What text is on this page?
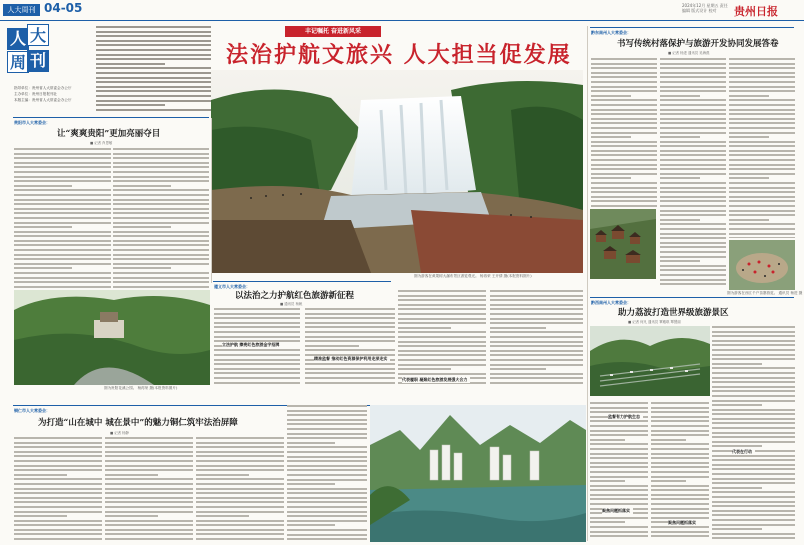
人大周刊 04-05	2024年12月 星期五 责任编辑 版式设计 校对	贵州日报
人 大
周 刊
指导单位：贵州省人大常委会办公厅
主办单位：贵州日报报刊社
本版主编：贵州省人大常委会办公厅
丰记嘱托 奋进新风采
法治护航文旅兴 人大担当促发展
图为游客在黄果树大瀑布景区游览观光。 杨再荣 王开倩 摄(本报资料图片)
贵阳市人大常委会：
让“爽爽贵阳”更加亮丽夺目
■ 记者 肖思敏
图为贵阳花溪公园。 杨再荣 摄(本报资料图片)
遵义市人大常委会：
以法治之力护航红色旅游新征程
■ 通讯员 杨帆
立法护航 擦亮红色旅游金字招牌
精准监督 推动红色资源保护利用走深走实
代表履职 凝聚红色旅游发展强大合力
黔东南州人大常委会：
书写传统村落保护与旅游开发协同发展答卷
■ 记者 杨进 通讯员 吴海燕
图为游客在西江千户苗寨游览。 通讯员 杨进 摄
黔西南州人大常委会：
助力荔波打造世界级旅游景区
■ 记者 何凡 通讯员 覃雅琪 覃慧丽
监督有力护航生态
代表在行动
聚焦问题抓落实
聚焦问题抓落实
铜仁市人大常委会：
为打造“山在城中 城在景中”的魅力铜仁筑牢法治屏障
■ 记者 杨静
